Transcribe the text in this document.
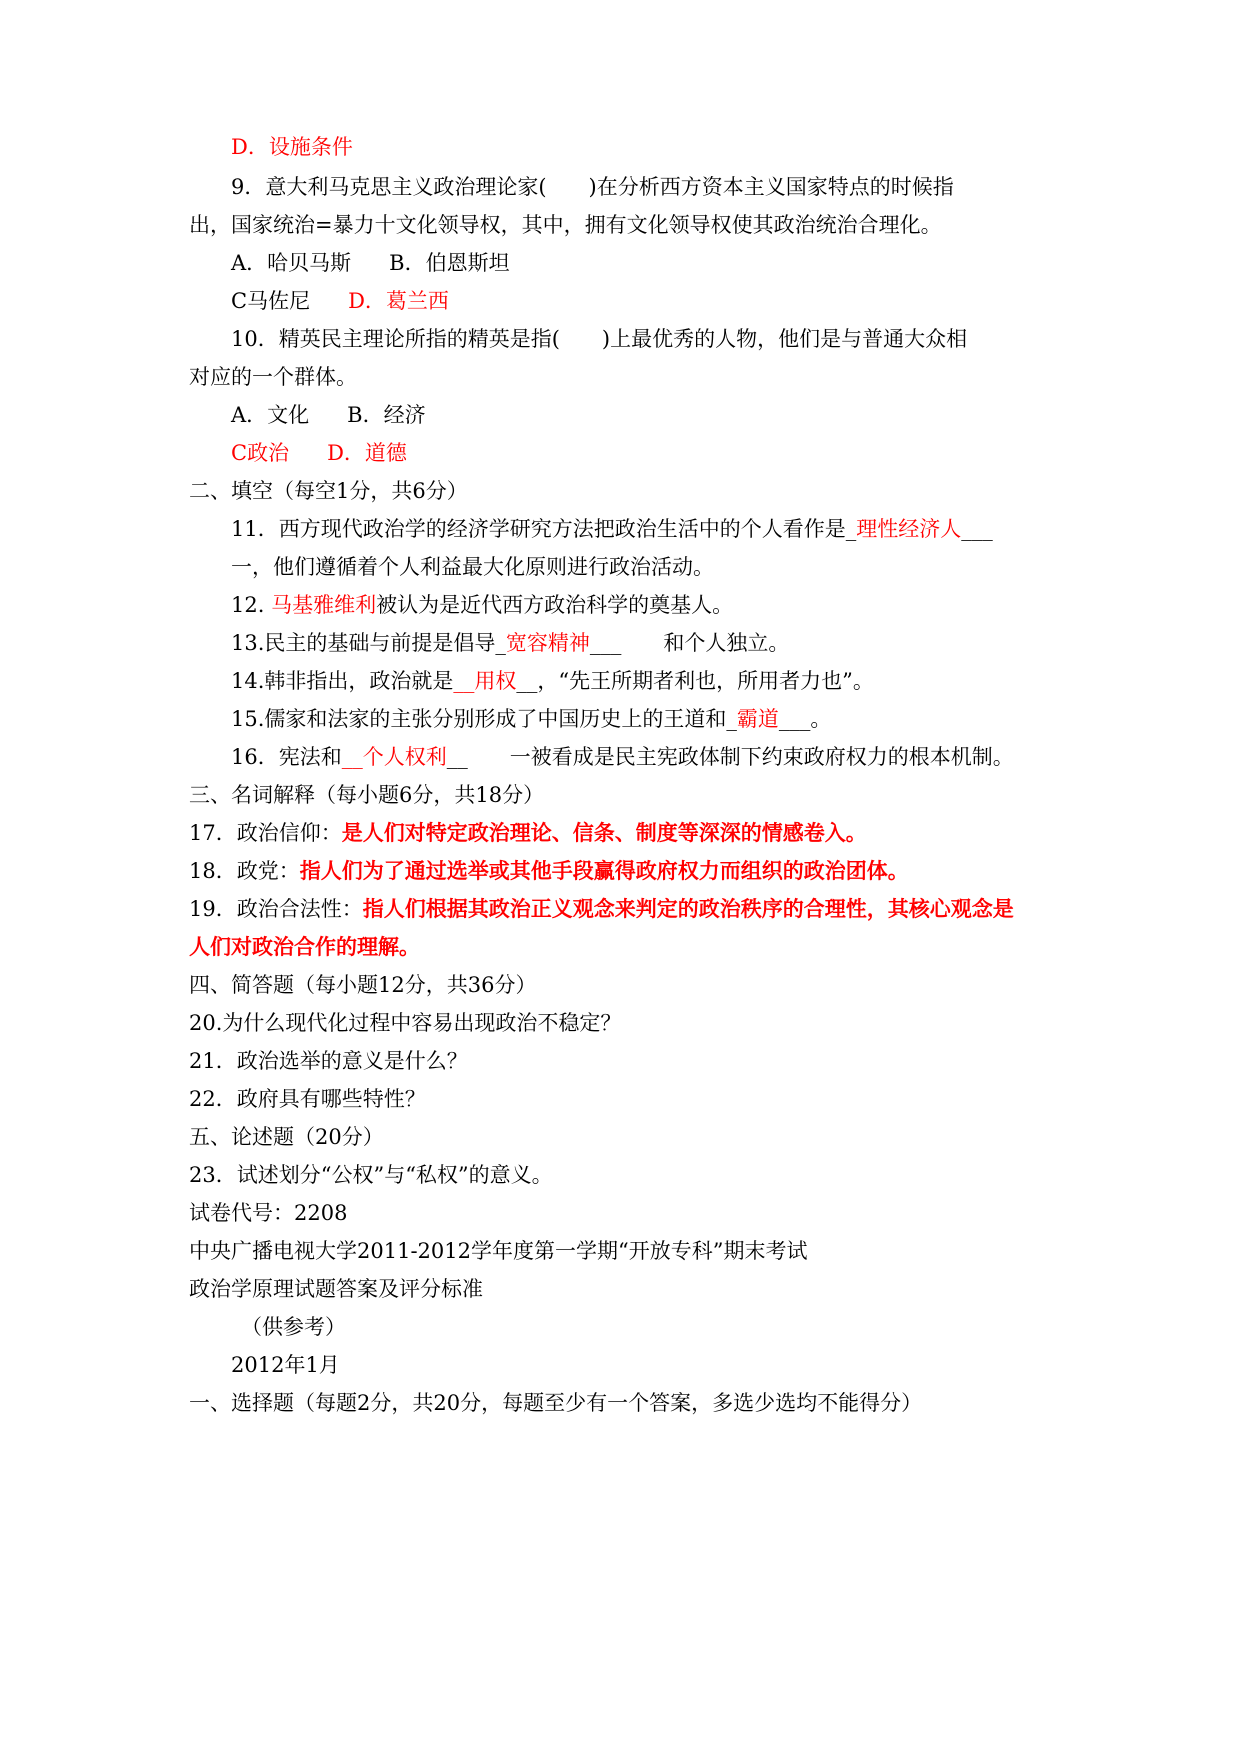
D．设施条件
9．意大利马克思主义政治理论家(　　)在分析西方资本主义国家特点的时候指
出，国家统治=暴力十文化领导权，其中，拥有文化领导权使其政治统治合理化。
A．哈贝马斯 B．伯恩斯坦
C马佐尼 D．葛兰西
10．精英民主理论所指的精英是指(　　)上最优秀的人物，他们是与普通大众相
对应的一个群体。
A．文化 B．经济
C政治 D．道德
二、填空（每空1分，共6分）
11．西方现代政治学的经济学研究方法把政治生活中的个人看作是_理性经济人___
一，他们遵循着个人利益最大化原则进行政治活动。
12. 马基雅维利被认为是近代西方政治科学的奠基人。
13.民主的基础与前提是倡导_宽容精神___　　和个人独立。
14.韩非指出，政治就是__用权__，“先王所期者利也，所用者力也”。
15.儒家和法家的主张分别形成了中国历史上的王道和_霸道___。
16．宪法和__个人权利__　　一被看成是民主宪政体制下约束政府权力的根本机制。
三、名词解释（每小题6分，共18分）
17．政治信仰：是人们对特定政治理论、信条、制度等深深的情感卷入。
18．政党：指人们为了通过选举或其他手段赢得政府权力而组织的政治团体。
19．政治合法性：指人们根据其政治正义观念来判定的政治秩序的合理性，其核心观念是
人们对政治合作的理解。
四、简答题（每小题12分，共36分）
20.为什么现代化过程中容易出现政治不稳定？
21．政治选举的意义是什么？
22．政府具有哪些特性？
五、论述题（20分）
23．试述划分“公权”与“私权”的意义。
试卷代号：2208
中央广播电视大学2011-2012学年度第一学期“开放专科”期末考试
政治学原理试题答案及评分标准
（供参考）
2012年1月
一、选择题（每题2分，共20分，每题至少有一个答案，多选少选均不能得分）
